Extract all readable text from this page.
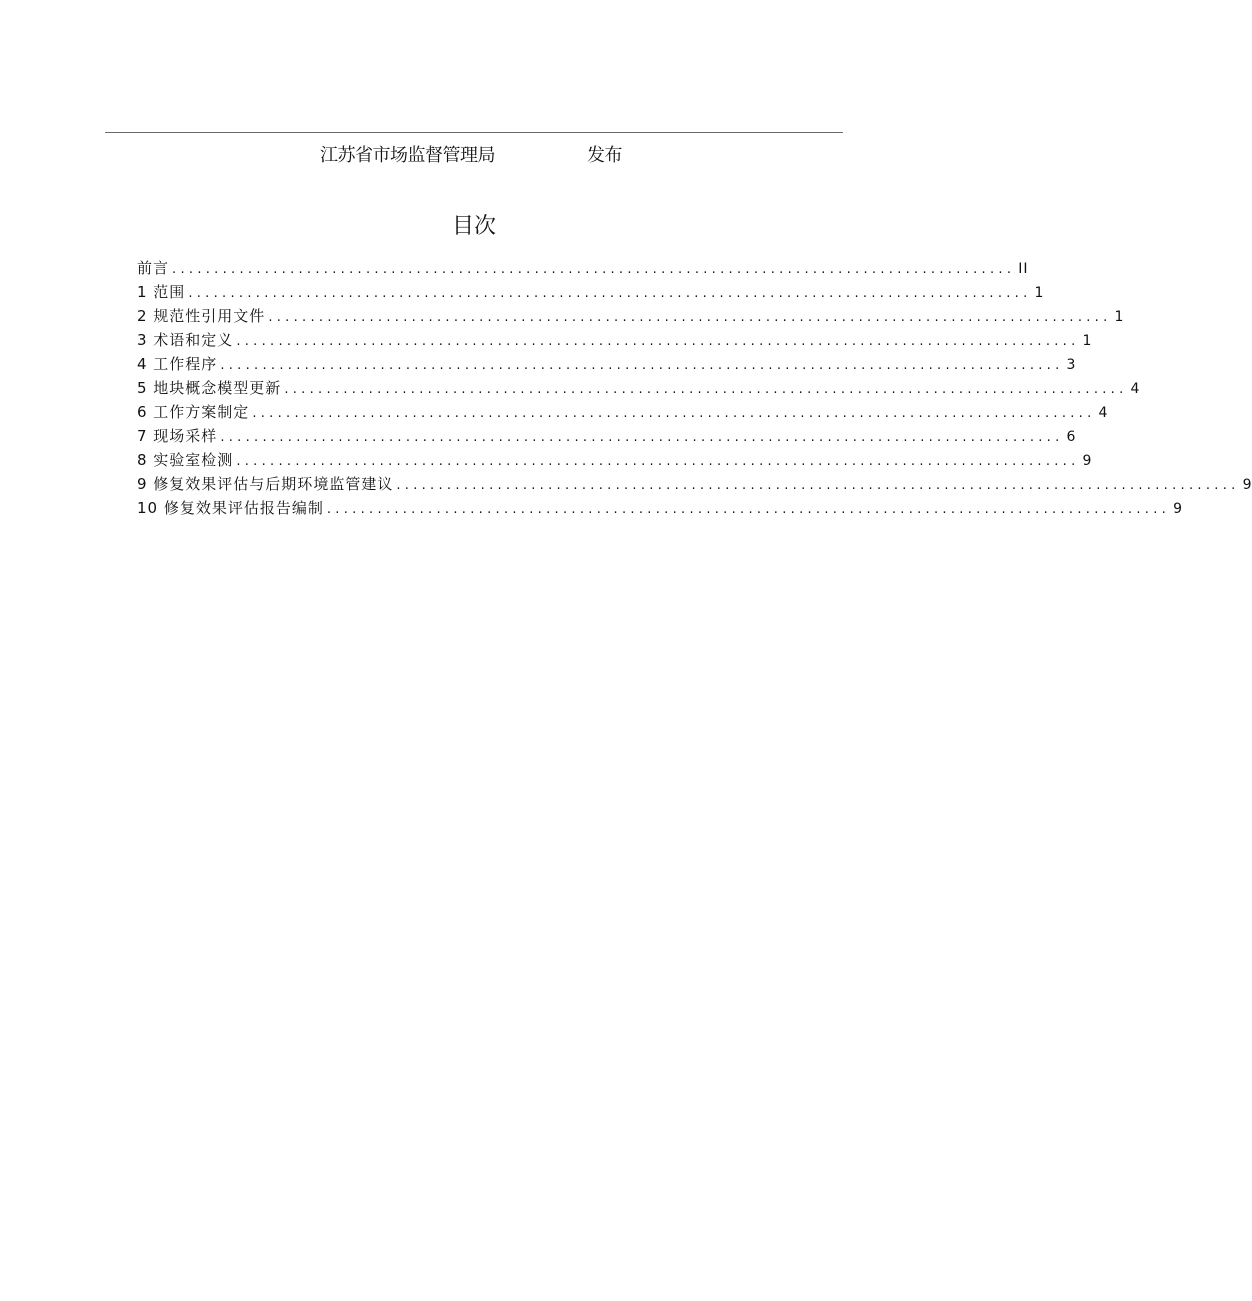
江苏省市场监督管理局	发布
目次
前言 .................................................................................................... II
1 范围 .................................................................................................... 1
2 规范性引用文件 .................................................................................................... 1
3 术语和定义 .................................................................................................... 1
4 工作程序 .................................................................................................... 3
5 地块概念模型更新 .................................................................................................... 4
6 工作方案制定 .................................................................................................... 4
7 现场采样 .................................................................................................... 6
8 实验室检测 .................................................................................................... 9
9 修复效果评估与后期环境监管建议 .................................................................................................... 9
10 修复效果评估报告编制 .................................................................................................... 9
